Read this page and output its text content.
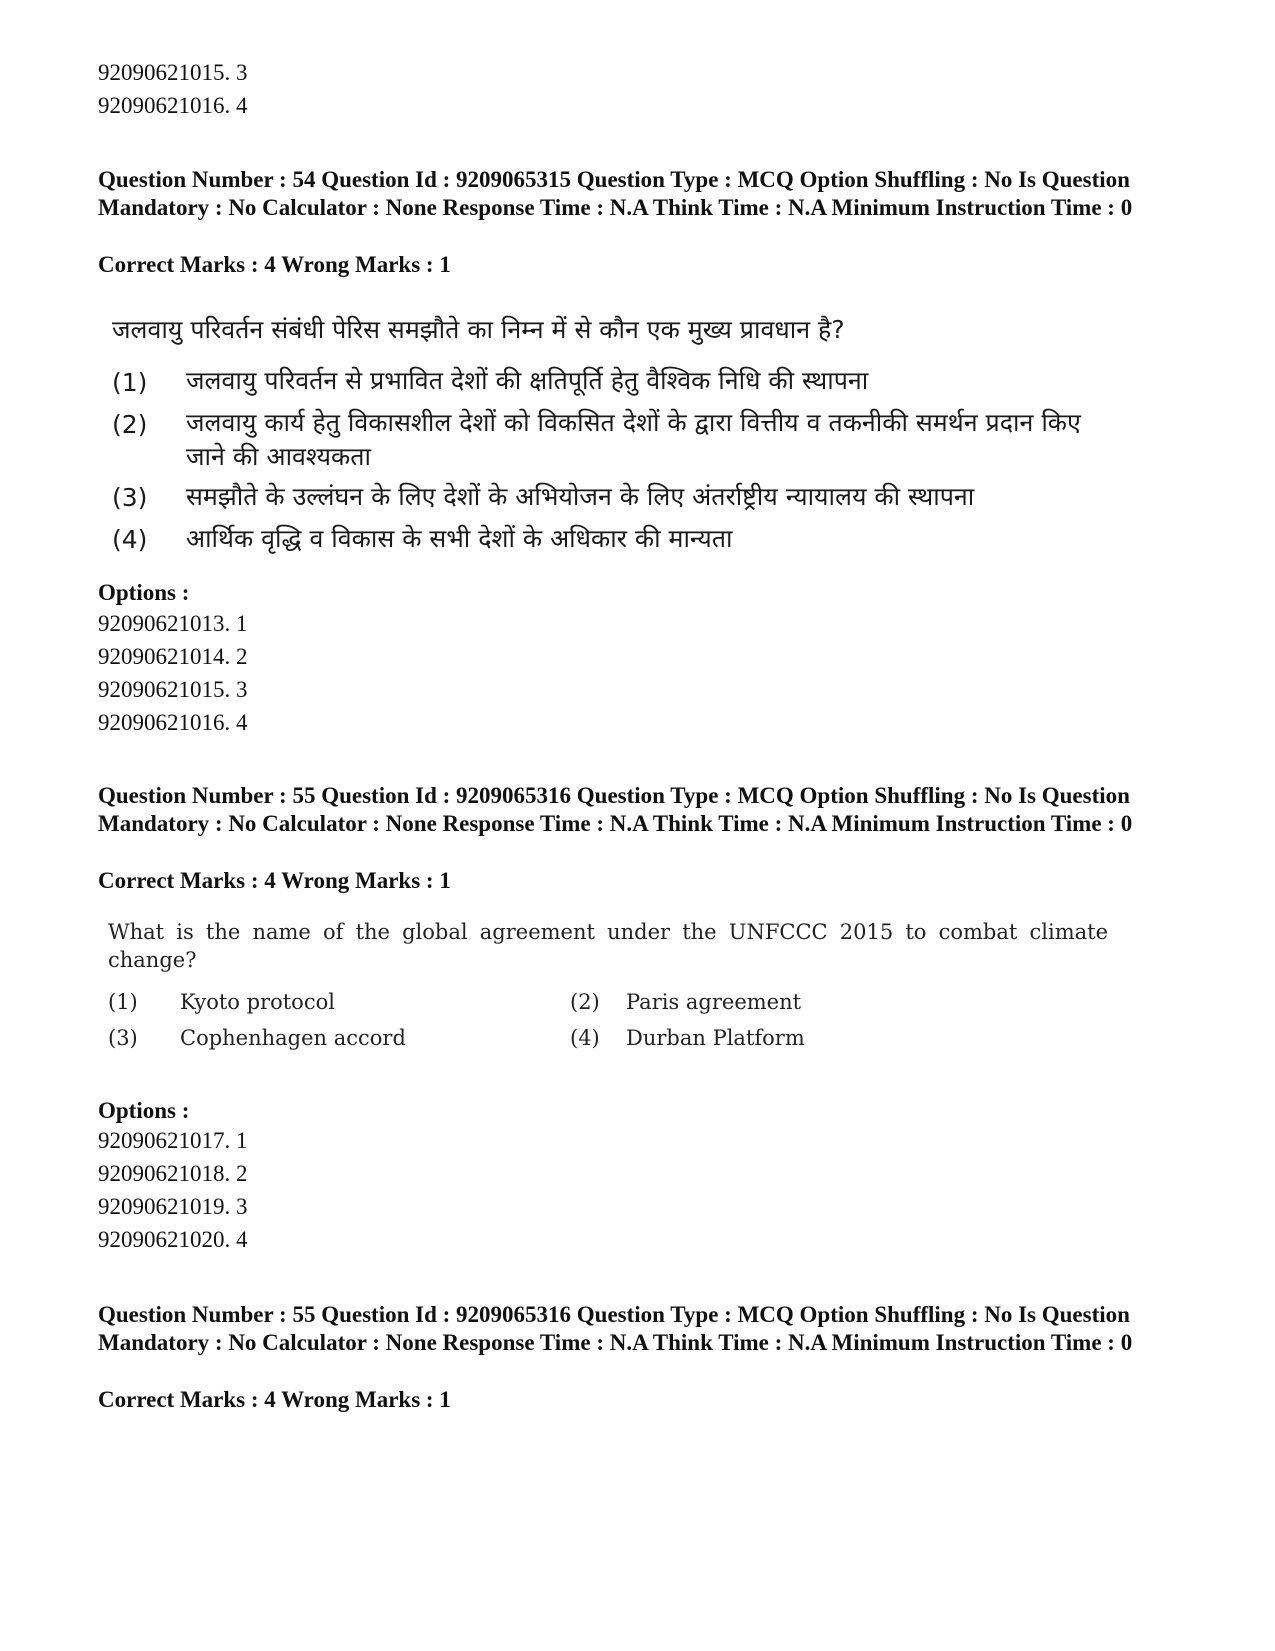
92090621015. 3
92090621016. 4
Question Number : 54 Question Id : 9209065315 Question Type : MCQ Option Shuffling : No Is Question Mandatory : No Calculator : None Response Time : N.A Think Time : N.A Minimum Instruction Time : 0
Correct Marks : 4 Wrong Marks : 1
जलवायु परिवर्तन संबंधी पेरिस समझौते का निम्न में से कौन एक मुख्य प्रावधान है?
(1)	जलवायु परिवर्तन से प्रभावित देशों की क्षतिपूर्ति हेतु वैश्विक निधि की स्थापना
(2)	जलवायु कार्य हेतु विकासशील देशों को विकसित देशों के द्वारा वित्तीय व तकनीकी समर्थन प्रदान किए जाने की आवश्यकता
(3)	समझौते के उल्लंघन के लिए देशों के अभियोजन के लिए अंतर्राष्ट्रीय न्यायालय की स्थापना
(4)	आर्थिक वृद्धि व विकास के सभी देशों के अधिकार की मान्यता
Options :
92090621013. 1
92090621014. 2
92090621015. 3
92090621016. 4
Question Number : 55 Question Id : 9209065316 Question Type : MCQ Option Shuffling : No Is Question Mandatory : No Calculator : None Response Time : N.A Think Time : N.A Minimum Instruction Time : 0
Correct Marks : 4 Wrong Marks : 1
What is the name of the global agreement under the UNFCCC 2015 to combat climate change?
(1)	Kyoto protocol	(2)	Paris agreement
(3)	Cophenhagen accord	(4)	Durban Platform
Options :
92090621017. 1
92090621018. 2
92090621019. 3
92090621020. 4
Question Number : 55 Question Id : 9209065316 Question Type : MCQ Option Shuffling : No Is Question Mandatory : No Calculator : None Response Time : N.A Think Time : N.A Minimum Instruction Time : 0
Correct Marks : 4 Wrong Marks : 1
